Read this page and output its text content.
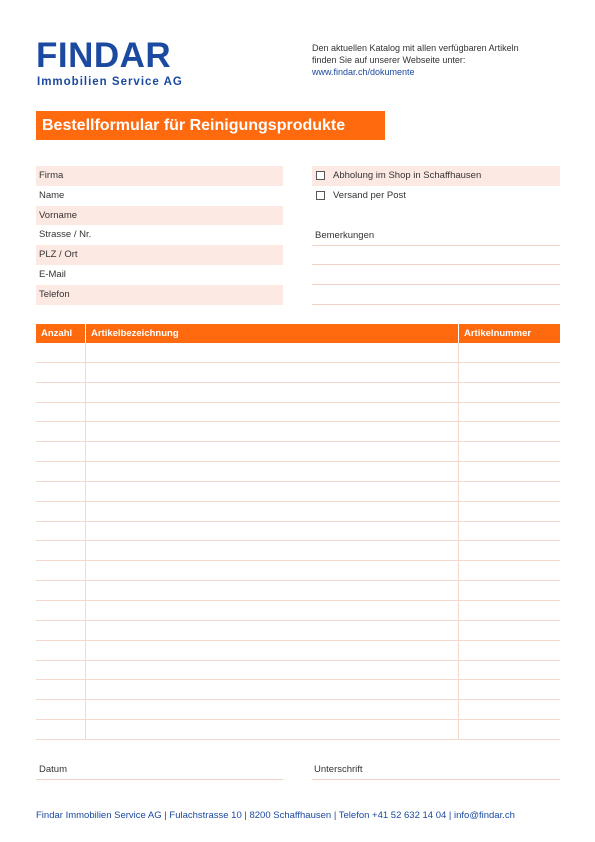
FINDAR
Immobilien Service AG
Den aktuellen Katalog mit allen verfügbaren Artikeln
finden Sie auf unserer Webseite unter:
www.findar.ch/dokumente
Bestellformular für Reinigungsprodukte
Firma
Name
Vorname
Strasse / Nr.
PLZ / Ort
E-Mail
Telefon
Abholung im Shop in Schaffhausen
Versand per Post
Bemerkungen
Anzahl	Artikelbezeichnung	Artikelnummer
Datum	Unterschrift
Findar Immobilien Service AG | Fulachstrasse 10 | 8200 Schaffhausen | Telefon +41 52 632 14 04 | info@findar.ch
